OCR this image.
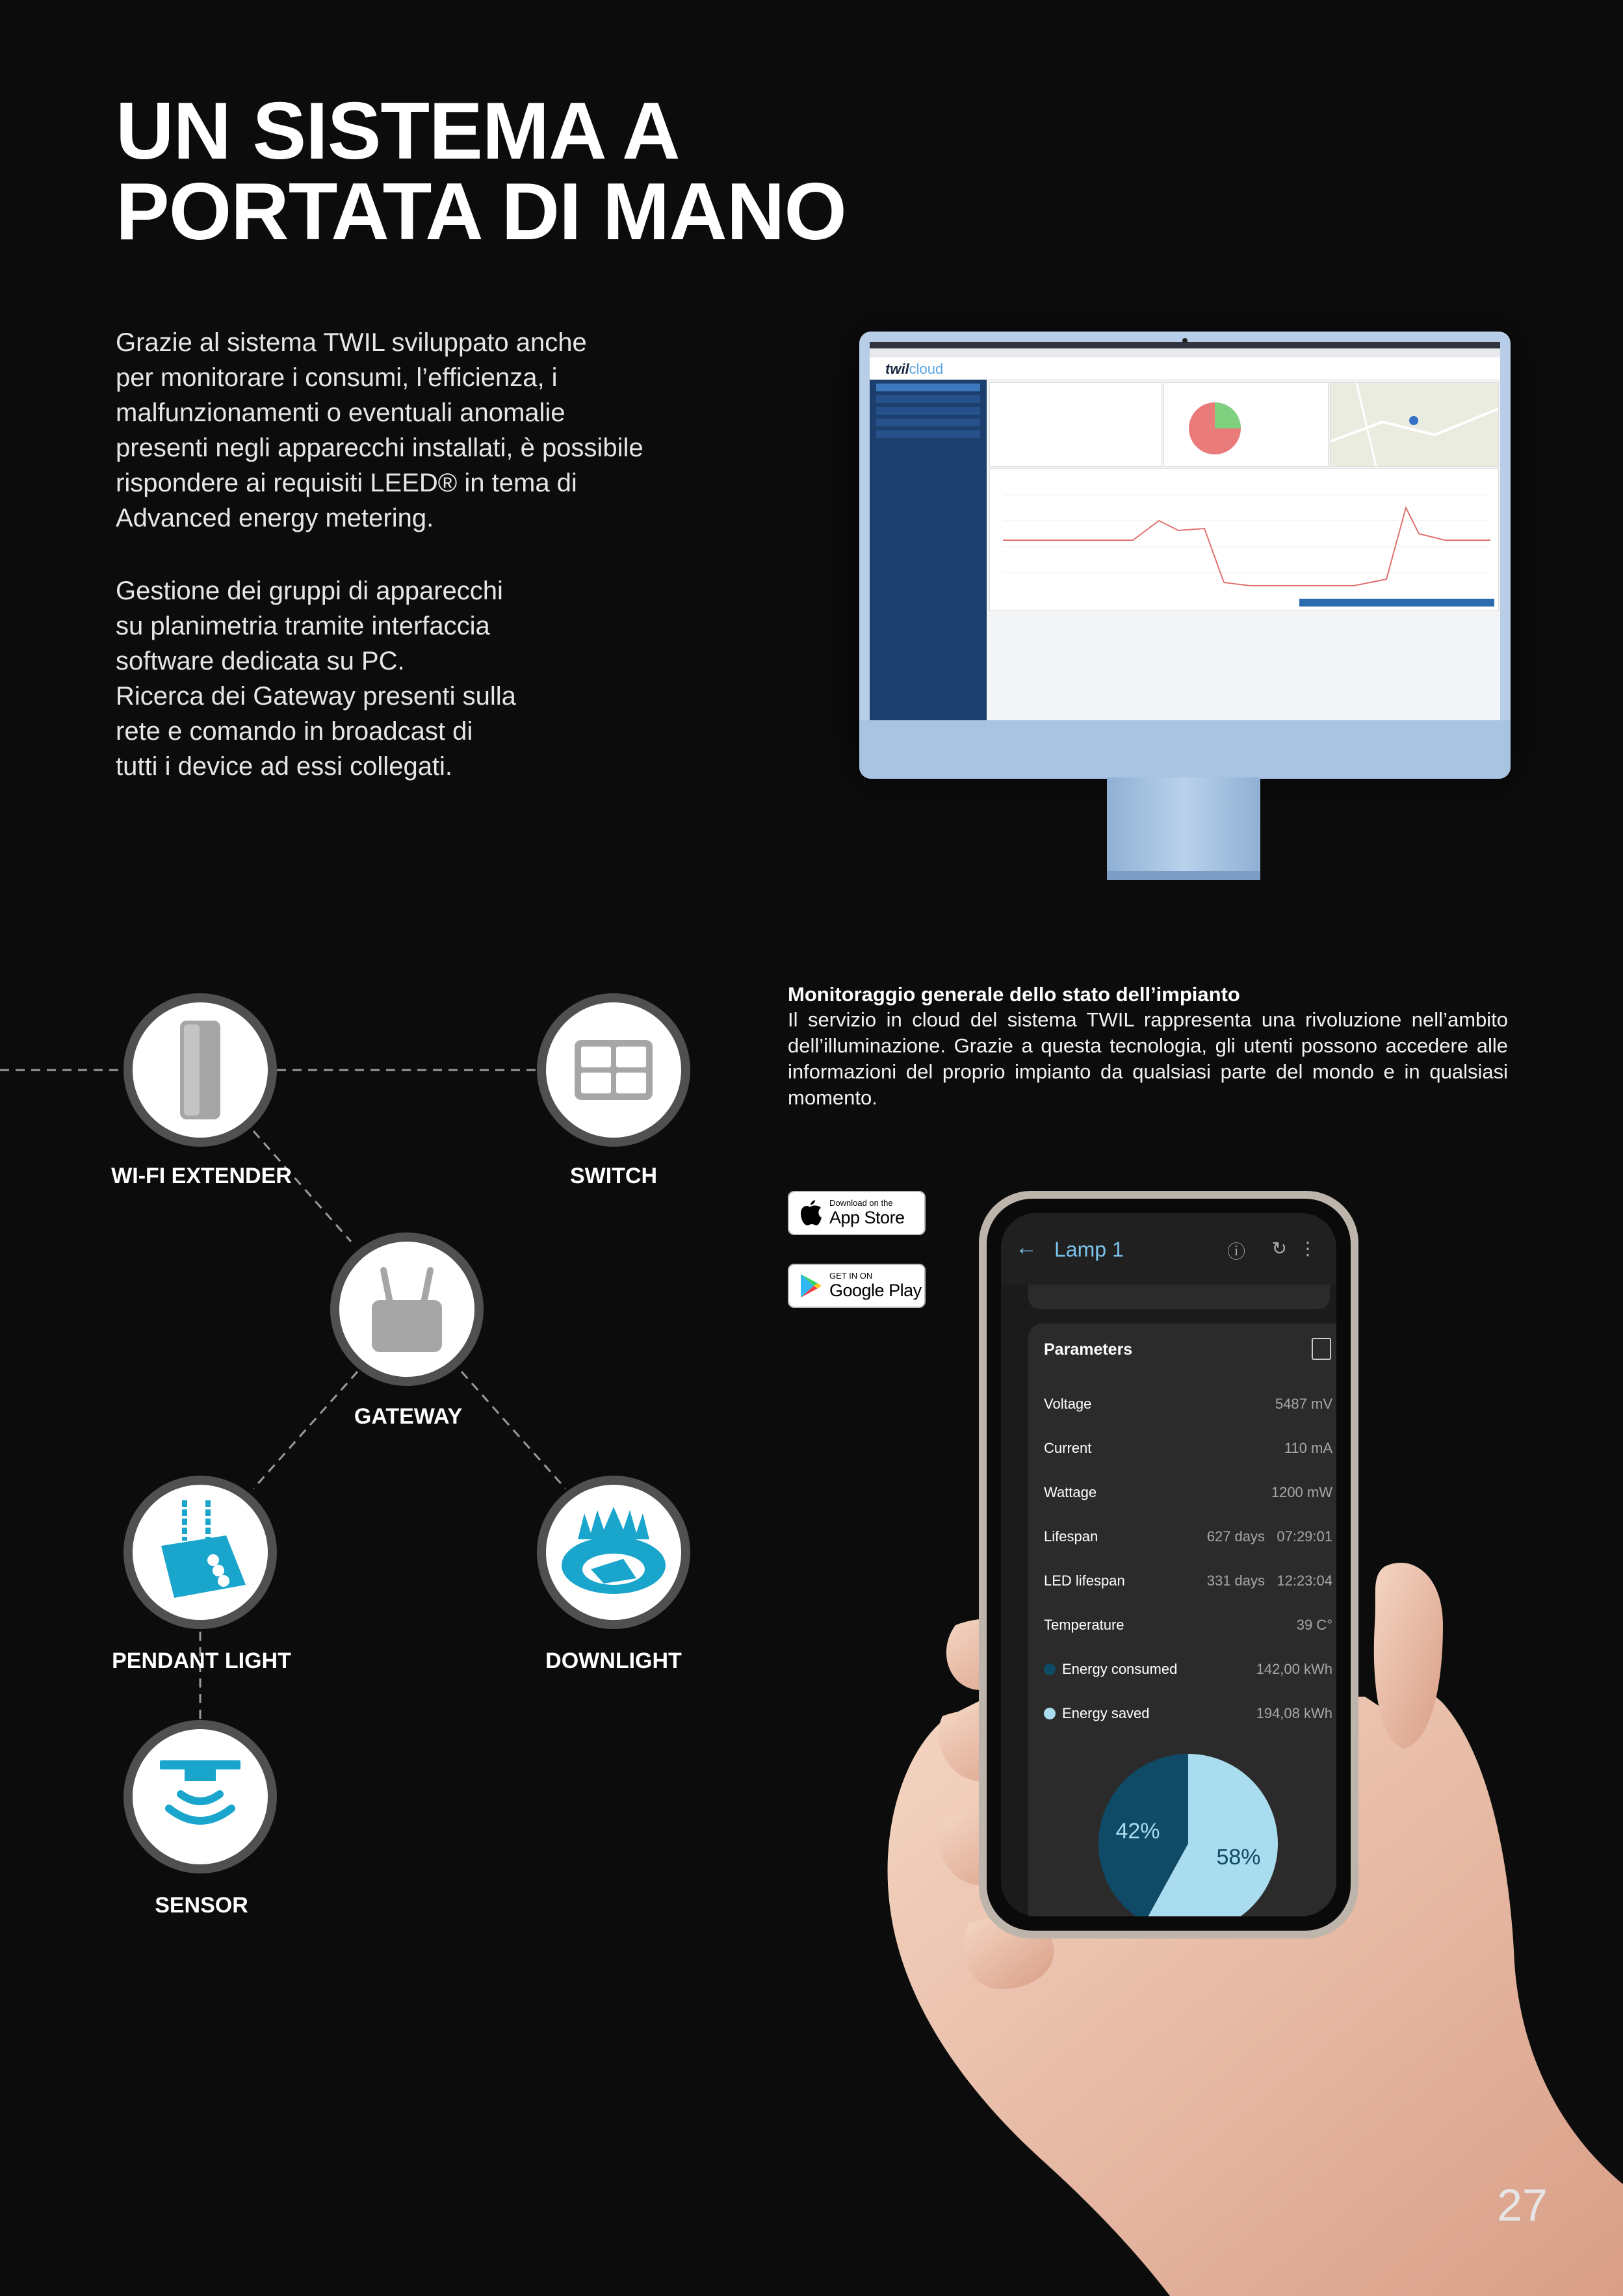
UN SISTEMA A
PORTATA DI MANO

Grazie al sistema TWIL sviluppato anche
per monitorare i consumi, l’efficienza, i
malfunzionamenti o eventuali anomalie
presenti negli apparecchi installati, è possibile
rispondere ai requisiti LEED® in tema di
Advanced energy metering.

Gestione dei gruppi di apparecchi
su planimetria tramite interfaccia
software dedicata su PC.
Ricerca dei Gateway presenti sulla
rete e comando in broadcast di
tutti i device ad essi collegati.

twilcloud
WI-FI EXTENDER	SWITCH
GATEWAY
PENDANT LIGHT	DOWNLIGHT
SENSOR

Monitoraggio generale dello stato dell’impianto

Il servizio in cloud del sistema TWIL rappresenta una rivoluzione nell’ambito dell’illuminazione. Grazie a questa tecnologia, gli utenti possono accedere alle informazioni del proprio impianto da qualsiasi parte del mondo e in qualsiasi momento.

Download on the
App Store
GET IN ON
Google Play
← Lamp 1	ⓘ ↻ ⋮
Parameters
Voltage	5487 mV
Current	110 mA
Wattage	1200 mW
Lifespan	627 days 07:29:01
LED lifespan	331 days 12:23:04
Temperature	39 C°
Energy consumed	142,00 kWh
Energy saved	194,08 kWh
42%
58%
27
